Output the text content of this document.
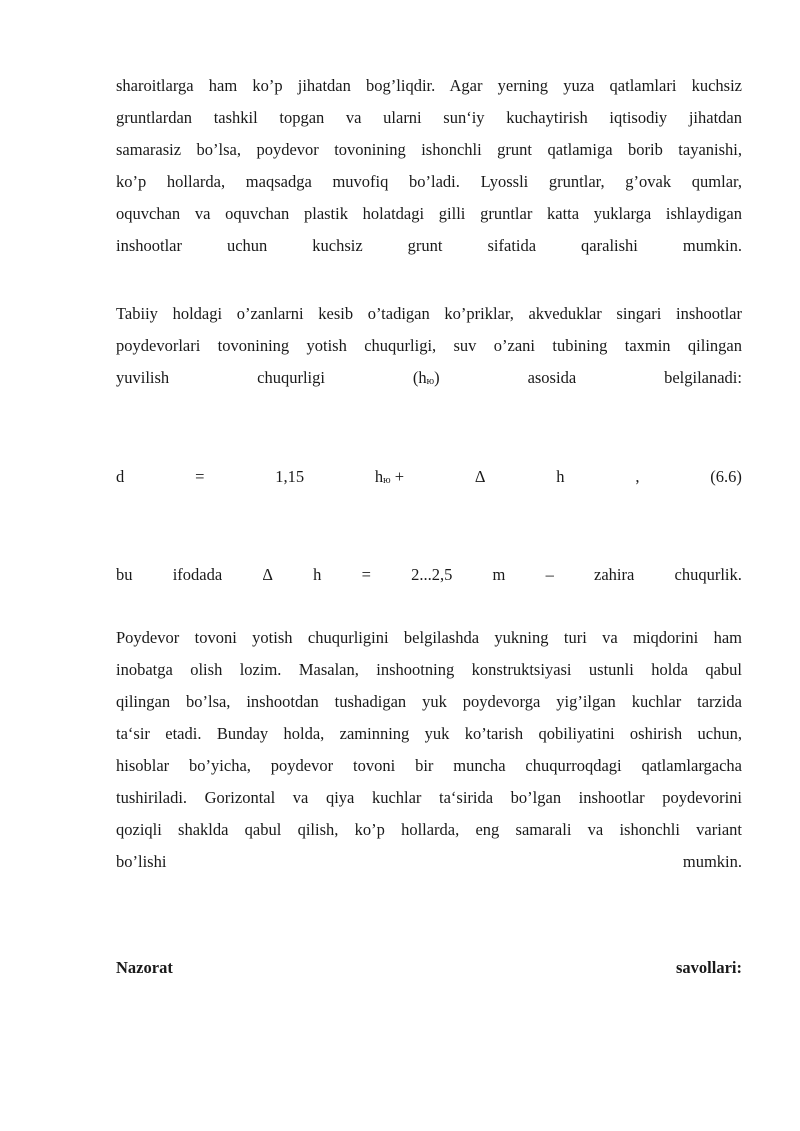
sharoitlarga ham ko’p jihatdan bog’liqdir. Agar yerning yuza qatlamlari kuchsiz
gruntlardan tashkil topgan va ularni sun‘iy kuchaytirish iqtisodiy jihatdan
samarasiz bo’lsa, poydevor tovonining ishonchli grunt qatlamiga borib tayanishi,
ko’p hollarda, maqsadga muvofiq bo’ladi. Lyossli gruntlar, g’ovak qumlar,
oquvchan va oquvchan plastik holatdagi gilli gruntlar katta yuklarga ishlaydigan
inshootlar uchun kuchsiz grunt sifatida qaralishi mumkin.
Tabiiy holdagi o’zanlarni kesib o’tadigan ko’priklar, akveduklar singari inshootlar
poydevorlari tovonining yotish chuqurligi, suv o’zani tubining taxmin qilingan
yuvilish	chuqurligi	(hю)	asosida	belgilanadi:
d	=	1,15	hю +	Δ	h	,	(6.6)
bu ifodada Δ h = 2...2,5 m – zahira chuqurlik.
Poydevor tovoni yotish chuqurligini belgilashda yukning turi va miqdorini ham
inobatga olish lozim. Masalan, inshootning konstruktsiyasi ustunli holda qabul
qilingan bo’lsa, inshootdan tushadigan yuk poydevorga yig’ilgan kuchlar tarzida
ta‘sir etadi. Bunday holda, zaminning yuk ko’tarish qobiliyatini oshirish uchun,
hisoblar bo’yicha, poydevor tovoni bir muncha chuqurroqdagi qatlamlargacha
tushiriladi. Gorizontal va qiya kuchlar ta‘sirida bo’lgan inshootlar poydevorini
qoziqli shaklda qabul qilish, ko’p hollarda, eng samarali va ishonchli variant
bo’lishi mumkin.
Nazorat	savollari:
